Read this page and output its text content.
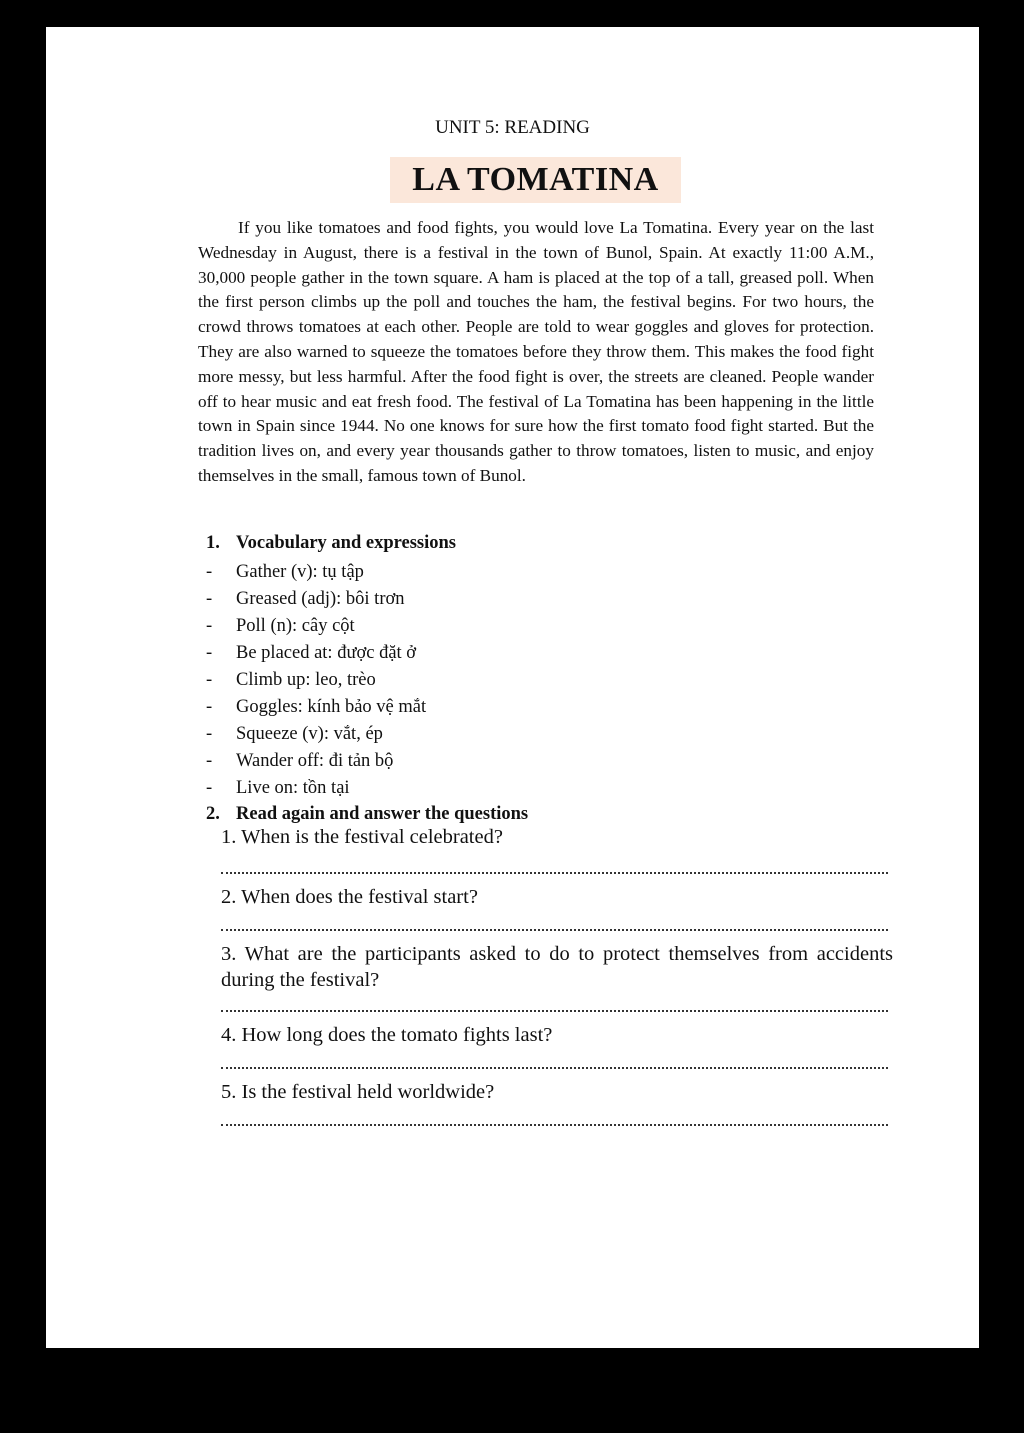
UNIT 5: READING
LA TOMATINA

If you like tomatoes and food fights, you would love La Tomatina. Every year on the last Wednesday in August, there is a festival in the town of Bunol, Spain. At exactly 11:00 A.M., 30,000 people gather in the town square. A ham is placed at the top of a tall, greased poll. When the first person climbs up the poll and touches the ham, the festival begins. For two hours, the crowd throws tomatoes at each other. People are told to wear goggles and gloves for protection. They are also warned to squeeze the tomatoes before they throw them. This makes the food fight more messy, but less harmful. After the food fight is over, the streets are cleaned. People wander off to hear music and eat fresh food. The festival of La Tomatina has been happening in the little town in Spain since 1944. No one knows for sure how the first tomato food fight started. But the tradition lives on, and every year thousands gather to throw tomatoes, listen to music, and enjoy themselves in the small, famous town of Bunol.

1. Vocabulary and expressions
- Gather (v): tụ tập
- Greased (adj): bôi trơn
- Poll (n): cây cột
- Be placed at: được đặt ở
- Climb up: leo, trèo
- Goggles: kính bảo vệ mắt
- Squeeze (v): vắt, ép
- Wander off: đi tản bộ
- Live on: tồn tại
2. Read again and answer the questions
1. When is the festival celebrated?
2. When does the festival start?
3. What are the participants asked to do to protect themselves from accidents during the festival?
4. How long does the tomato fights last?
5. Is the festival held worldwide?
